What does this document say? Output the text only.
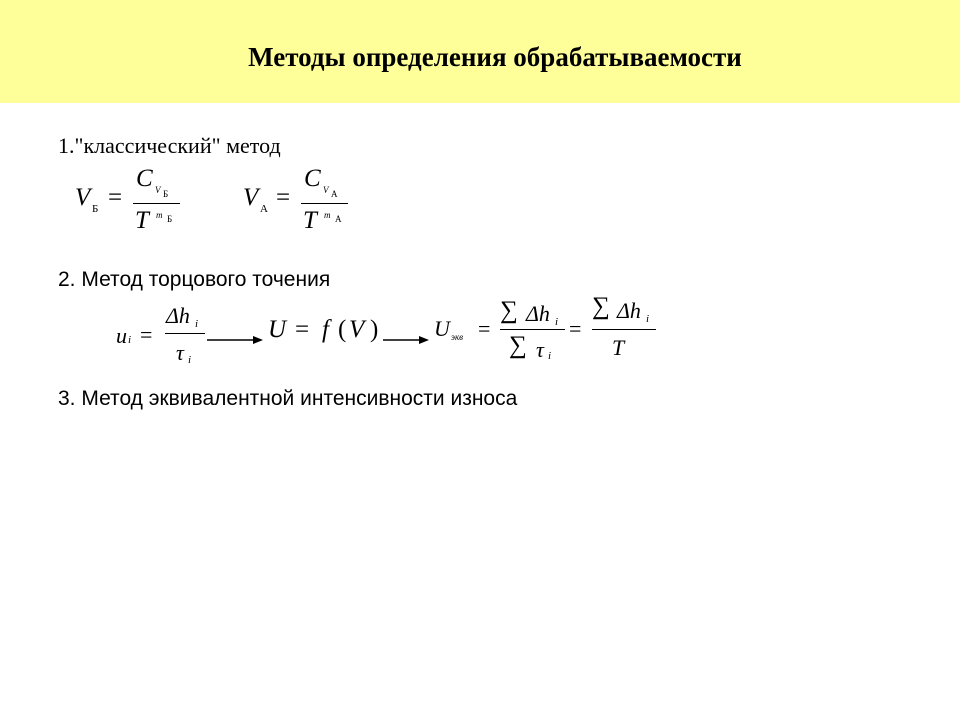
Методы определения обрабатываемости
1."классический" метод
2. Метод торцового точения
3. Метод эквивалентной интенсивности износа
V Б =
C V Б
T m Б
V А =
C V А
T m А
u i =
Δh i
τ i
U = f ( V )	U экв =
∑ Δh i
∑ τ i
=
∑ Δh i
T
